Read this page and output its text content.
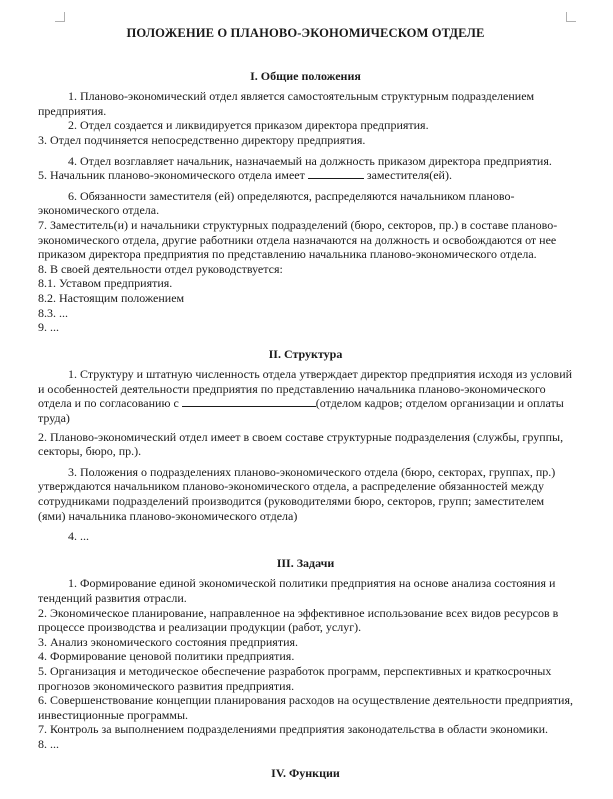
ПОЛОЖЕНИЕ О ПЛАНОВО-ЭКОНОМИЧЕСКОМ ОТДЕЛЕ
I. Общие положения

1. Планово-экономический отдел является самостоятельным структурным подразделением предприятия.

2. Отдел создается и ликвидируется приказом директора предприятия.

3. Отдел подчиняется непосредственно директору предприятия.

4. Отдел возглавляет начальник, назначаемый на должность приказом директора предприятия.

5. Начальник планово-экономического отдела имеет	заместителя(ей).

6. Обязанности заместителя (ей) определяются, распределяются начальником планово-экономического отдела.

7. Заместитель(и) и начальники структурных подразделений (бюро, секторов, пр.) в составе планово-экономического отдела, другие работники отдела назначаются на должность и освобождаются от нее приказом директора предприятия по представлению начальника планово-экономического отдела.

8. В своей деятельности отдел руководствуется:

8.1. Уставом предприятия.

8.2. Настоящим положением

8.3. ...

9. ...

II. Структура

1. Структуру и штатную численность отдела утверждает директор предприятия исходя из условий и особенностей деятельности предприятия по представлению начальника планово-экономического отдела и по согласованию с	(отделом кадров; отделом организации и оплаты труда)

2. Планово-экономический отдел имеет в своем составе структурные подразделения (службы, группы, секторы, бюро, пр.).

3. Положения о подразделениях планово-экономического отдела (бюро, секторах, группах, пр.) утверждаются начальником планово-экономического отдела, а распределение обязанностей между сотрудниками подразделений производится (руководителями бюро, секторов, групп; заместителем (ями) начальника планово-экономического отдела)

4. ...

III. Задачи

1. Формирование единой экономической политики предприятия на основе анализа состояния и тенденций развития отрасли.

2. Экономическое планирование, направленное на эффективное использование всех видов ресурсов в процессе производства и реализации продукции (работ, услуг).

3. Анализ экономического состояния предприятия.

4. Формирование ценовой политики предприятия.

5. Организация и методическое обеспечение разработок программ, перспективных и краткосрочных прогнозов экономического развития предприятия.

6. Совершенствование концепции планирования расходов на осуществление деятельности предприятия, инвестиционные программы.

7. Контроль за выполнением подразделениями предприятия законодательства в области экономики.

8. ...

IV. Функции
